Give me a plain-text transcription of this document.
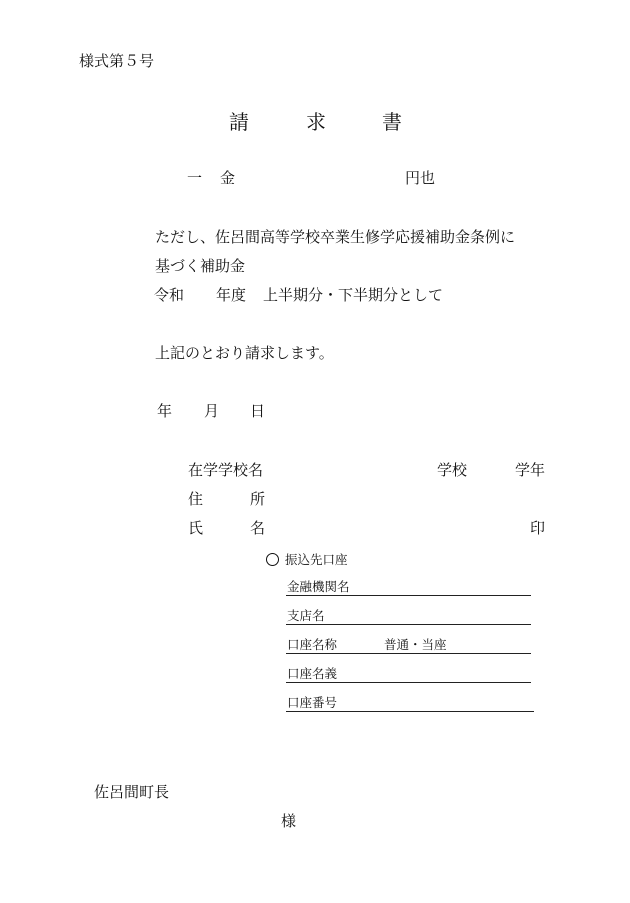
様式第５号
請	求	書
一 金	円也
ただし、佐呂間高等学校卒業生修学応援補助金条例に
基づく補助金
令和 年度 上半期分・下半期分として
上記のとおり請求します。
年 月 日
在学学校名	学校	学年
住	所
氏	名	印
振込先口座
金融機関名
支店名
口座名称	普通・当座
口座名義
口座番号
佐呂間町長
様
